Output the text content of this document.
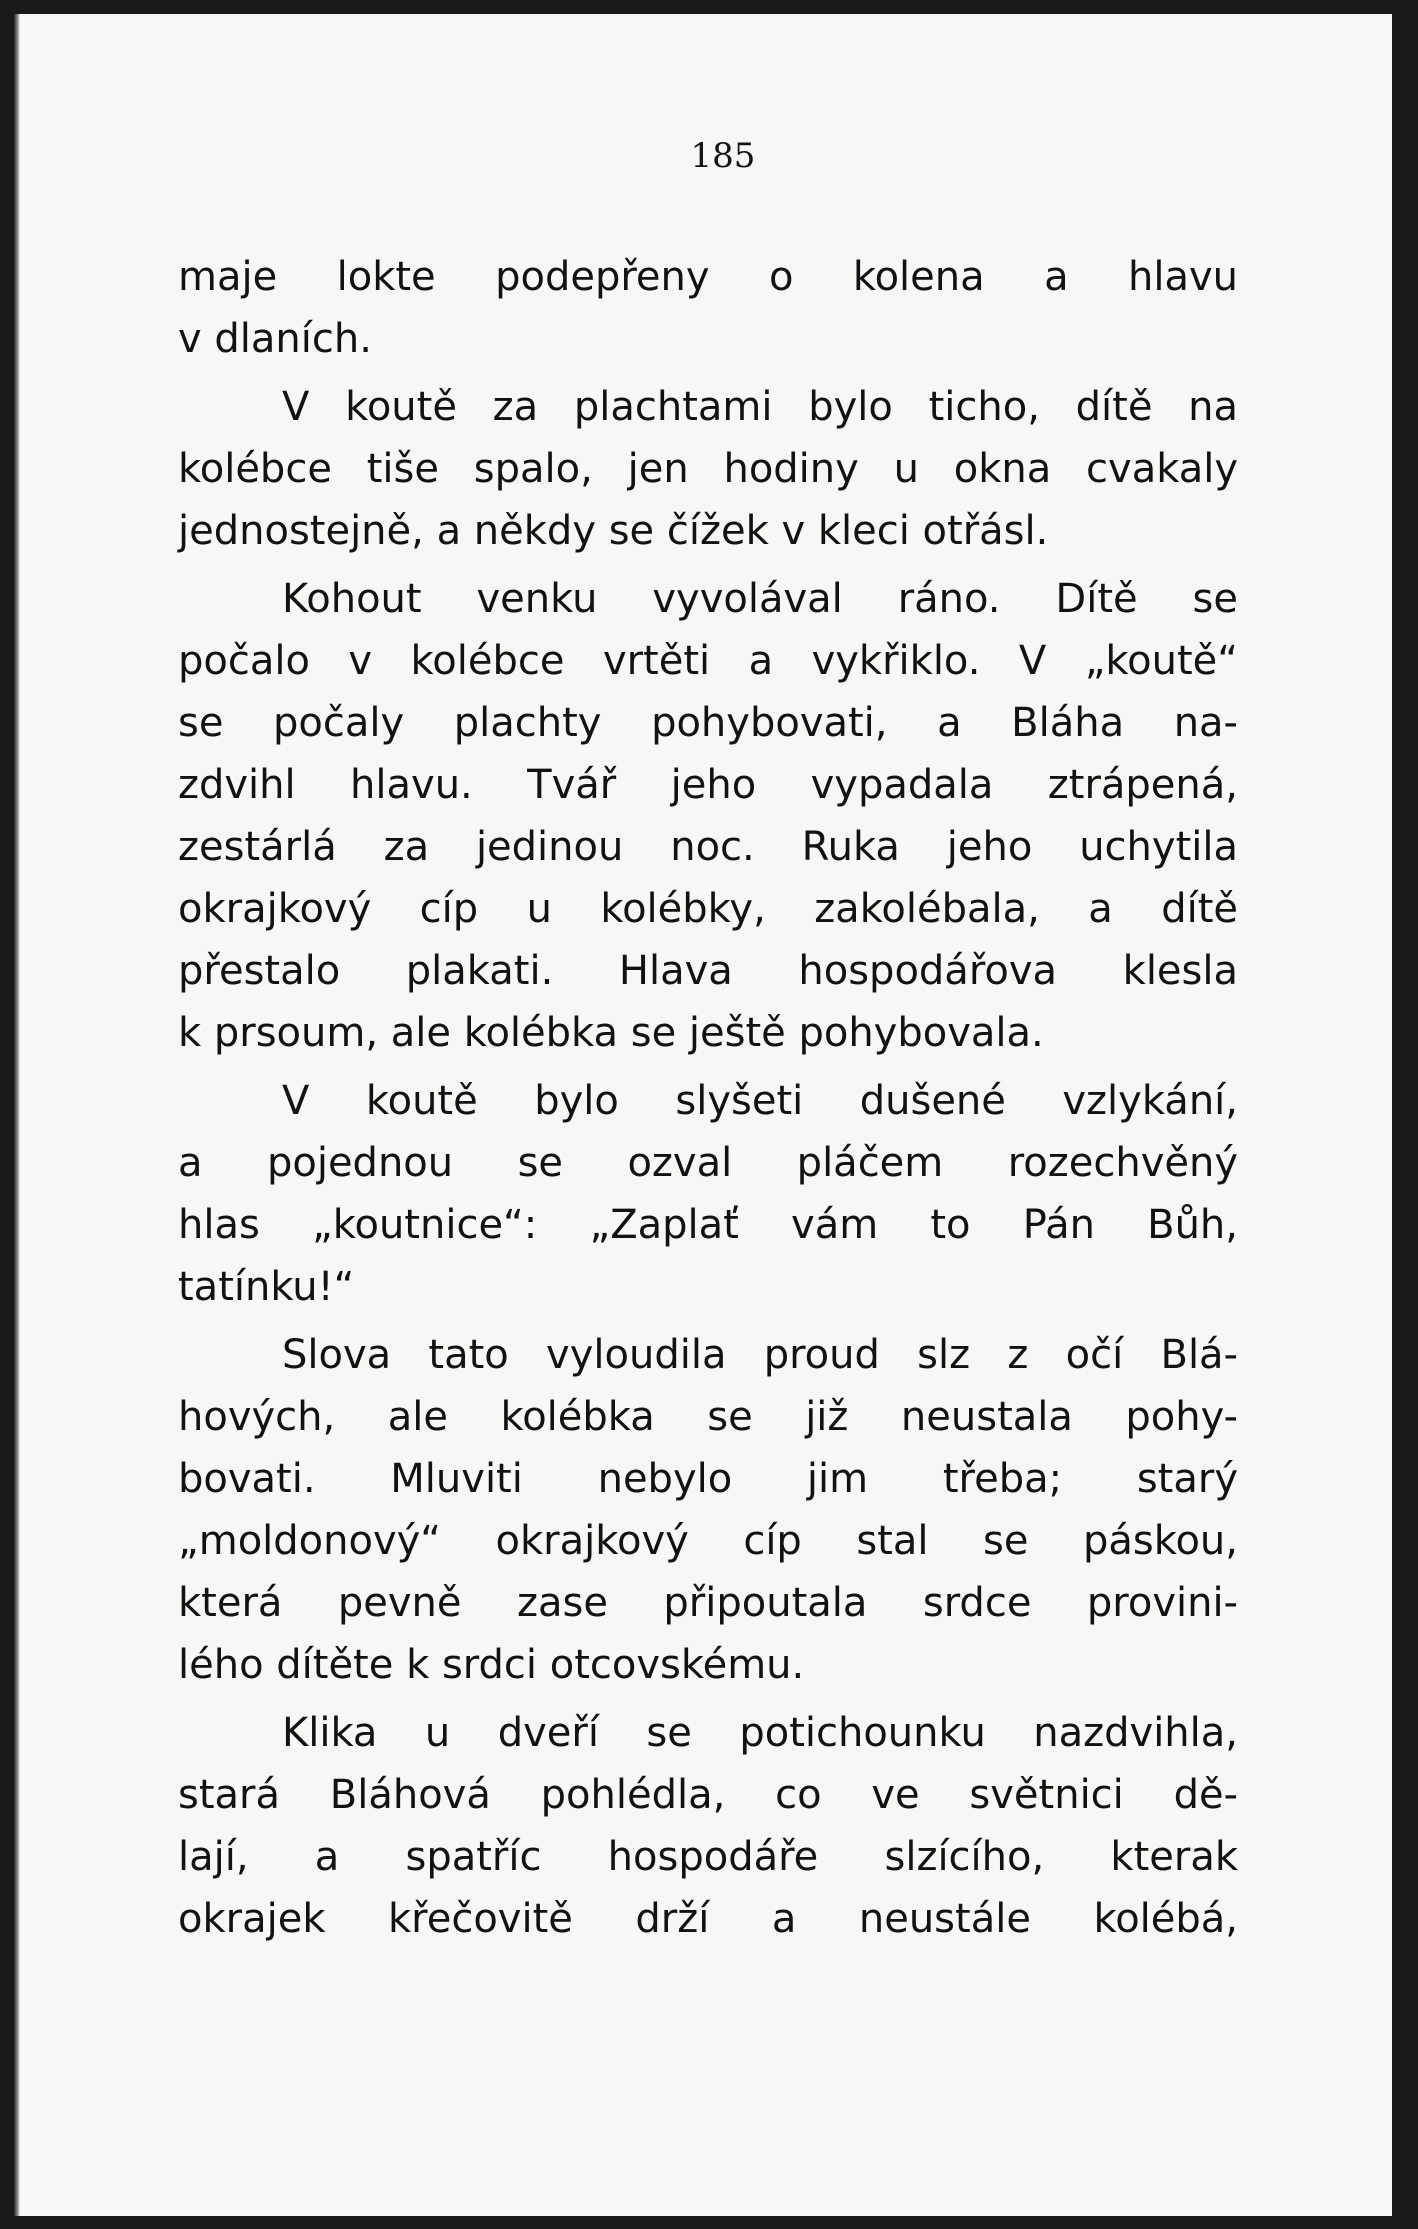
185
maje lokte podepřeny o kolena a hlavu
v dlaních.
V koutě za plachtami bylo ticho, dítě na
kolébce tiše spalo, jen hodiny u okna cvakaly
jednostejně, a někdy se čížek v kleci otřásl.
Kohout venku vyvolával ráno. Dítě se
počalo v kolébce vrtěti a vykřiklo. V „koutě“
se počaly plachty pohybovati, a Bláha na-
zdvihl hlavu. Tvář jeho vypadala ztrápená,
zestárlá za jedinou noc. Ruka jeho uchytila
okrajkový cíp u kolébky, zakolébala, a dítě
přestalo plakati. Hlava hospodářova klesla
k prsoum, ale kolébka se ještě pohybovala.
V koutě bylo slyšeti dušené vzlykání,
a pojednou se ozval pláčem rozechvěný
hlas „koutnice“: „Zaplať vám to Pán Bůh,
tatínku!“
Slova tato vyloudila proud slz z očí Blá-
hových, ale kolébka se již neustala pohy-
bovati. Mluviti nebylo jim třeba; starý
„moldonový“ okrajkový cíp stal se páskou,
která pevně zase připoutala srdce provini-
lého dítěte k srdci otcovskému.
Klika u dveří se potichounku nazdvihla,
stará Bláhová pohlédla, co ve světnici dě-
lají, a spatříc hospodáře slzícího, kterak
okrajek křečovitě drží a neustále kolébá,
